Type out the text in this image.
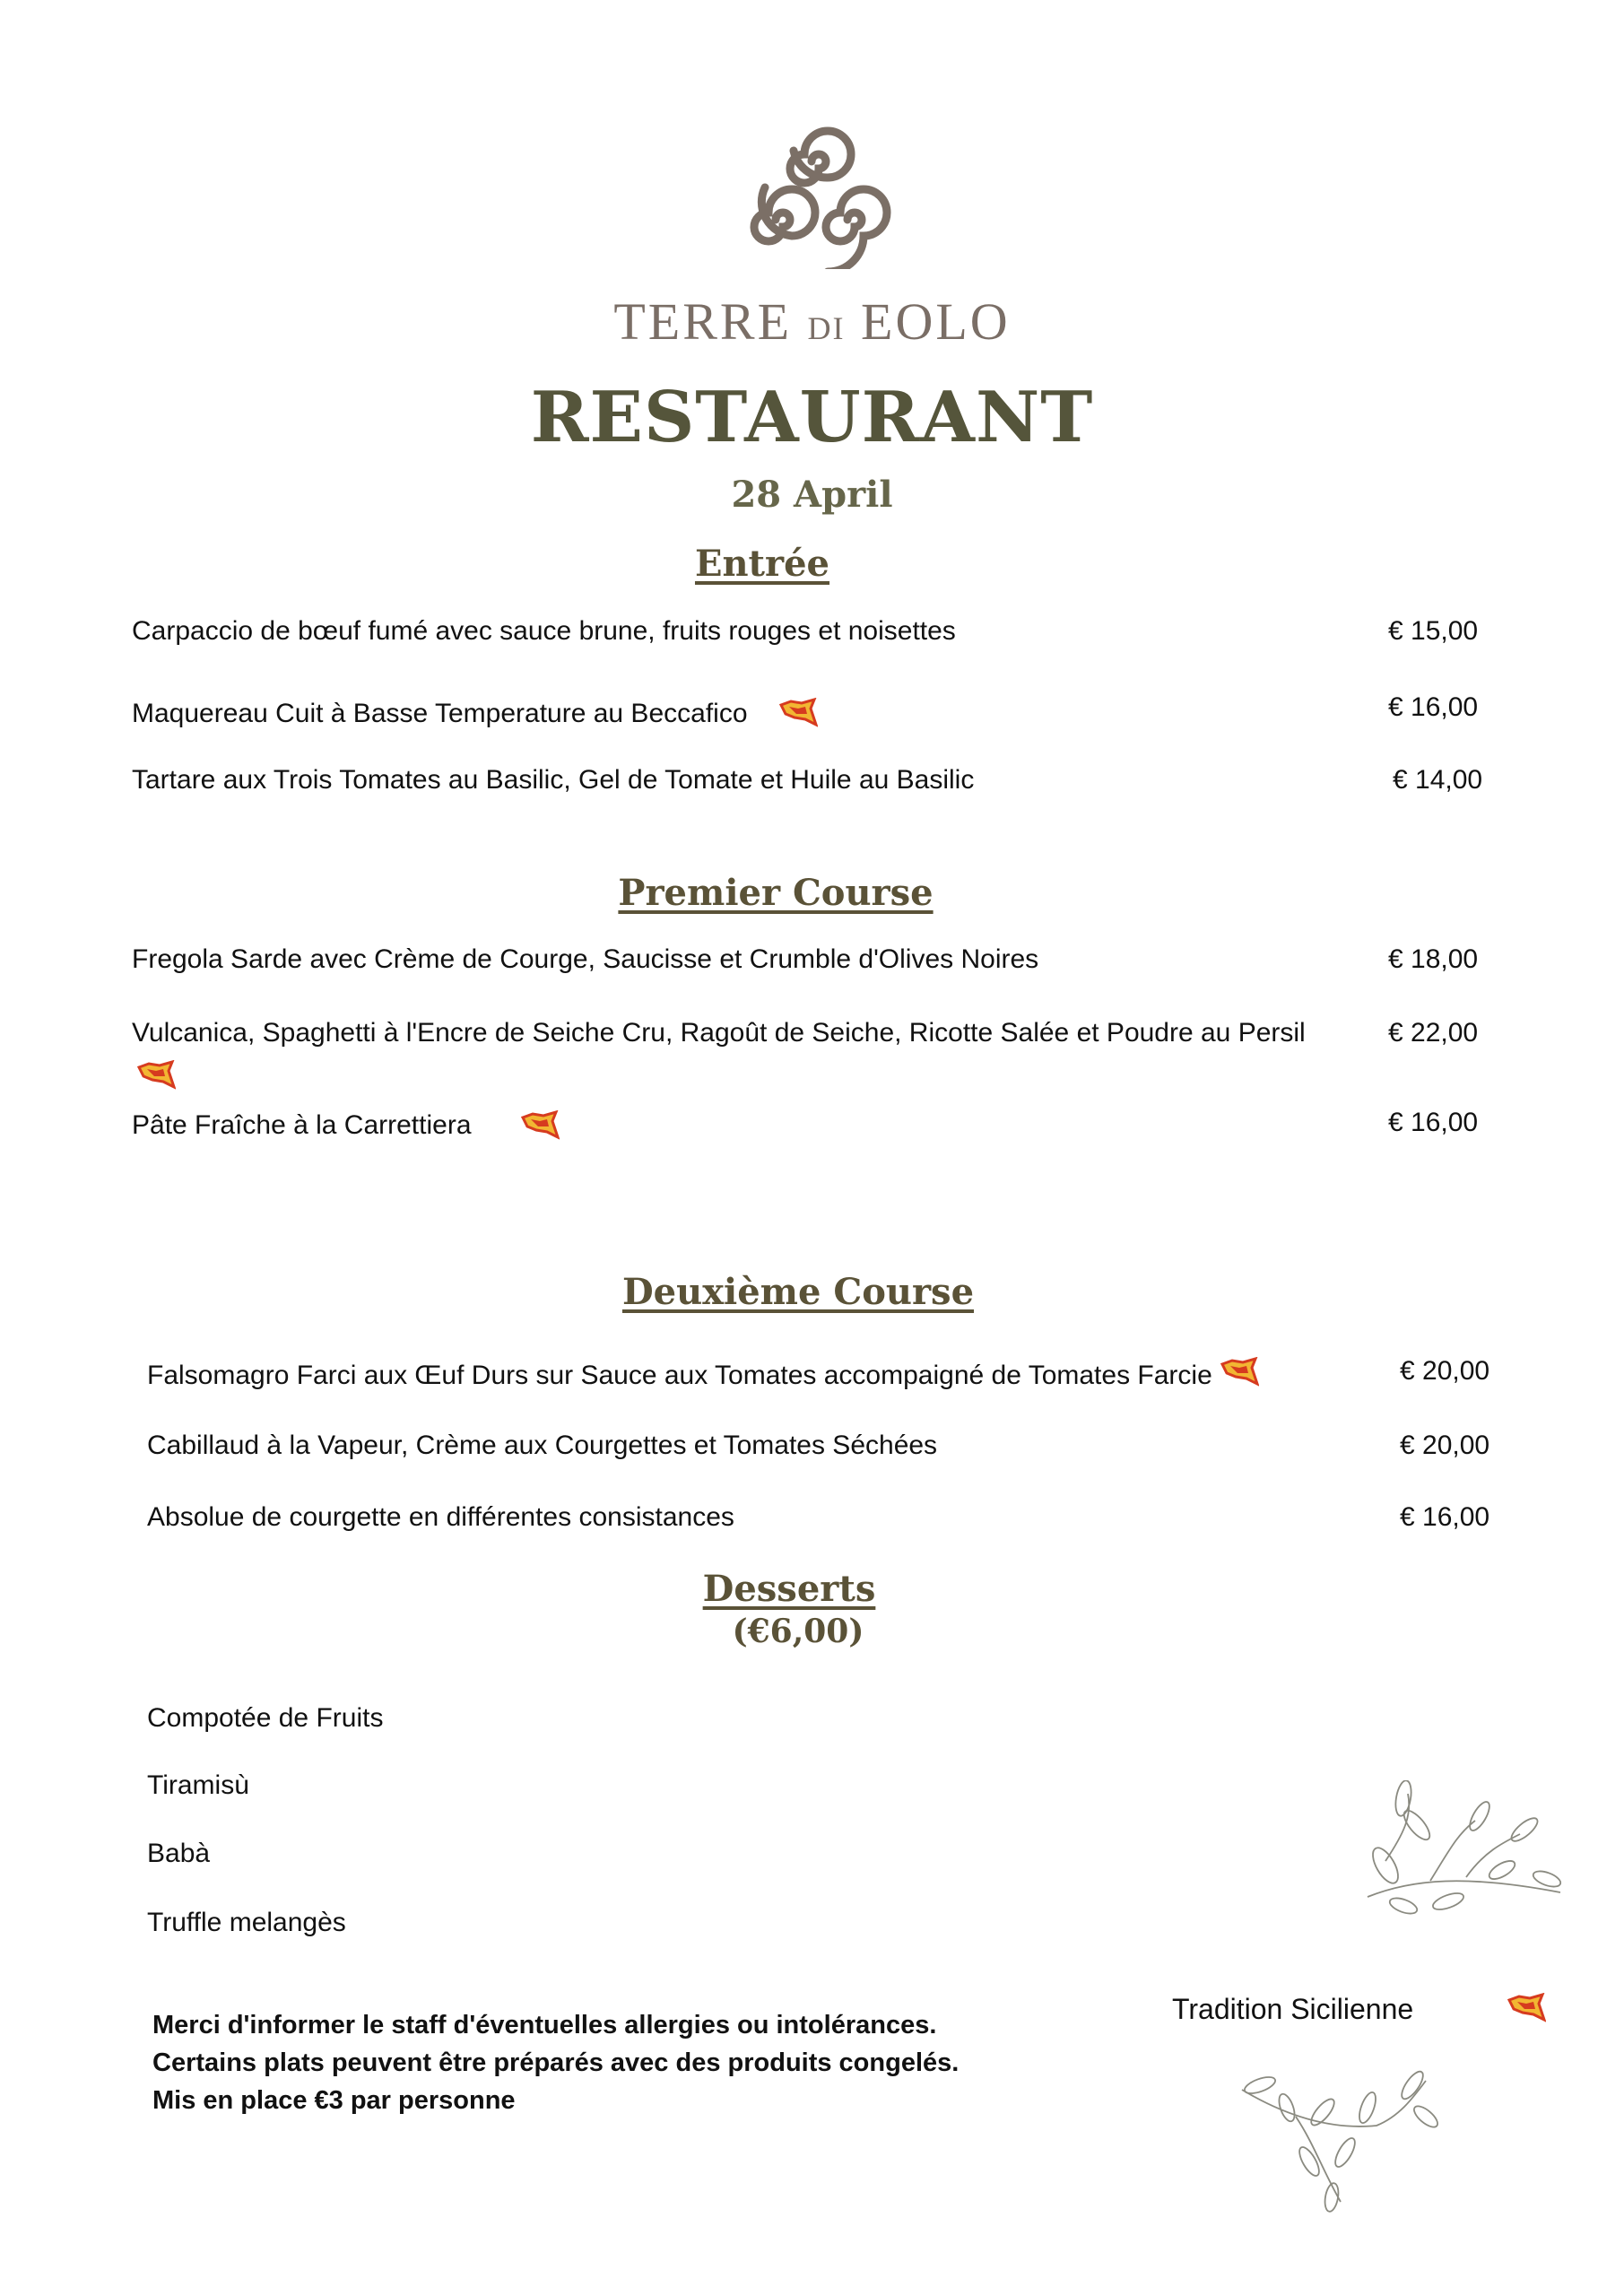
TERRE DI EOLO
RESTAURANT
28 April
Entrée
Carpaccio de bœuf fumé avec sauce brune, fruits rouges et noisettes	€ 15,00
Maquereau Cuit à Basse Temperature au Beccafico	€ 16,00
Tartare aux Trois Tomates au Basilic, Gel de Tomate et Huile au Basilic	€ 14,00
Premier Course
Fregola Sarde avec Crème de Courge, Saucisse et Crumble d'Olives Noires	€ 18,00
Vulcanica, Spaghetti à l'Encre de Seiche Cru, Ragoût de Seiche, Ricotte Salée et Poudre au Persil	€ 22,00
Pâte Fraîche à la Carrettiera	€ 16,00
Deuxième Course
Falsomagro Farci aux Œuf Durs sur Sauce aux Tomates accompaigné de Tomates Farcie	€ 20,00
Cabillaud à la Vapeur, Crème aux Courgettes et Tomates Séchées	€ 20,00
Absolue de courgette en différentes consistances	€ 16,00
Desserts
(€6,00)
Compotée de Fruits
Tiramisù
Babà
Truffle melangès
Merci d'informer le staff d'éventuelles allergies ou intolérances.
Certains plats peuvent être préparés avec des produits congelés.
Mis en place €3 par personne
Tradition Sicilienne
